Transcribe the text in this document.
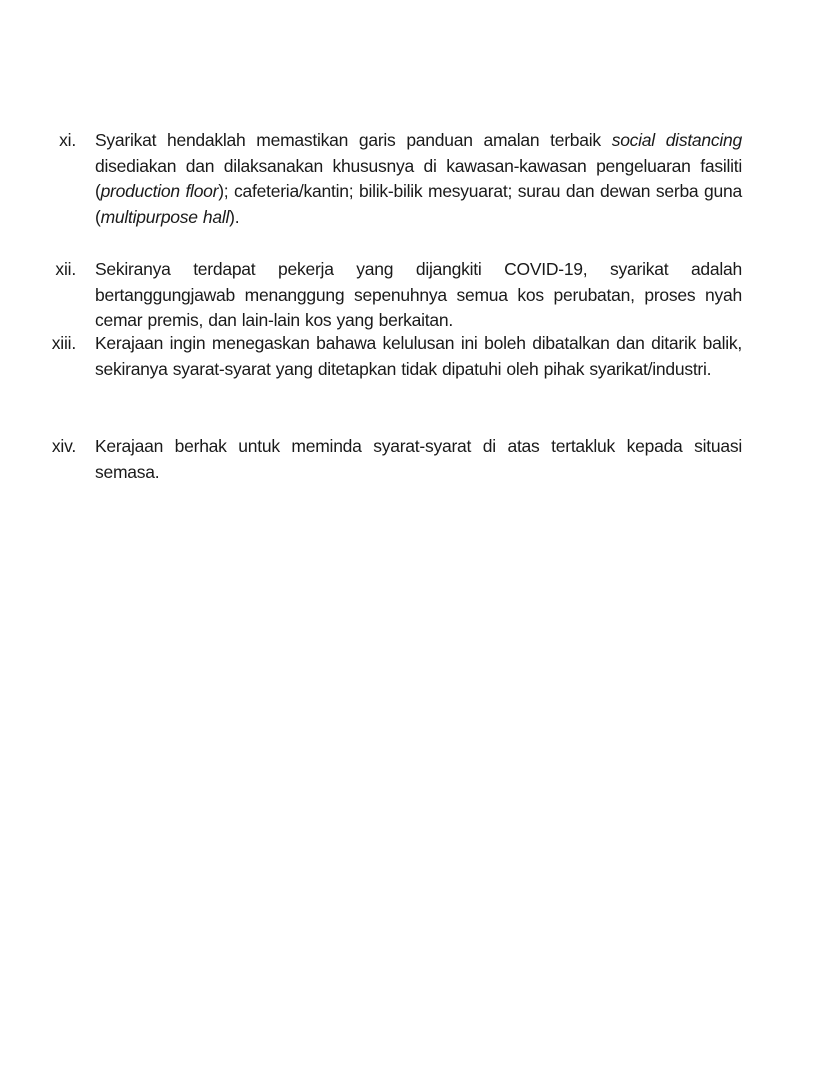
xi. Syarikat hendaklah memastikan garis panduan amalan terbaik social distancing disediakan dan dilaksanakan khususnya di kawasan-kawasan pengeluaran fasiliti (production floor); cafeteria/kantin; bilik-bilik mesyuarat; surau dan dewan serba guna (multipurpose hall).

xii. Sekiranya terdapat pekerja yang dijangkiti COVID-19, syarikat adalah bertanggungjawab menanggung sepenuhnya semua kos perubatan, proses nyah cemar premis, dan lain-lain kos yang berkaitan.

xiii. Kerajaan ingin menegaskan bahawa kelulusan ini boleh dibatalkan dan ditarik balik, sekiranya syarat-syarat yang ditetapkan tidak dipatuhi oleh pihak syarikat/industri.

xiv. Kerajaan berhak untuk meminda syarat-syarat di atas tertakluk kepada situasi semasa.
